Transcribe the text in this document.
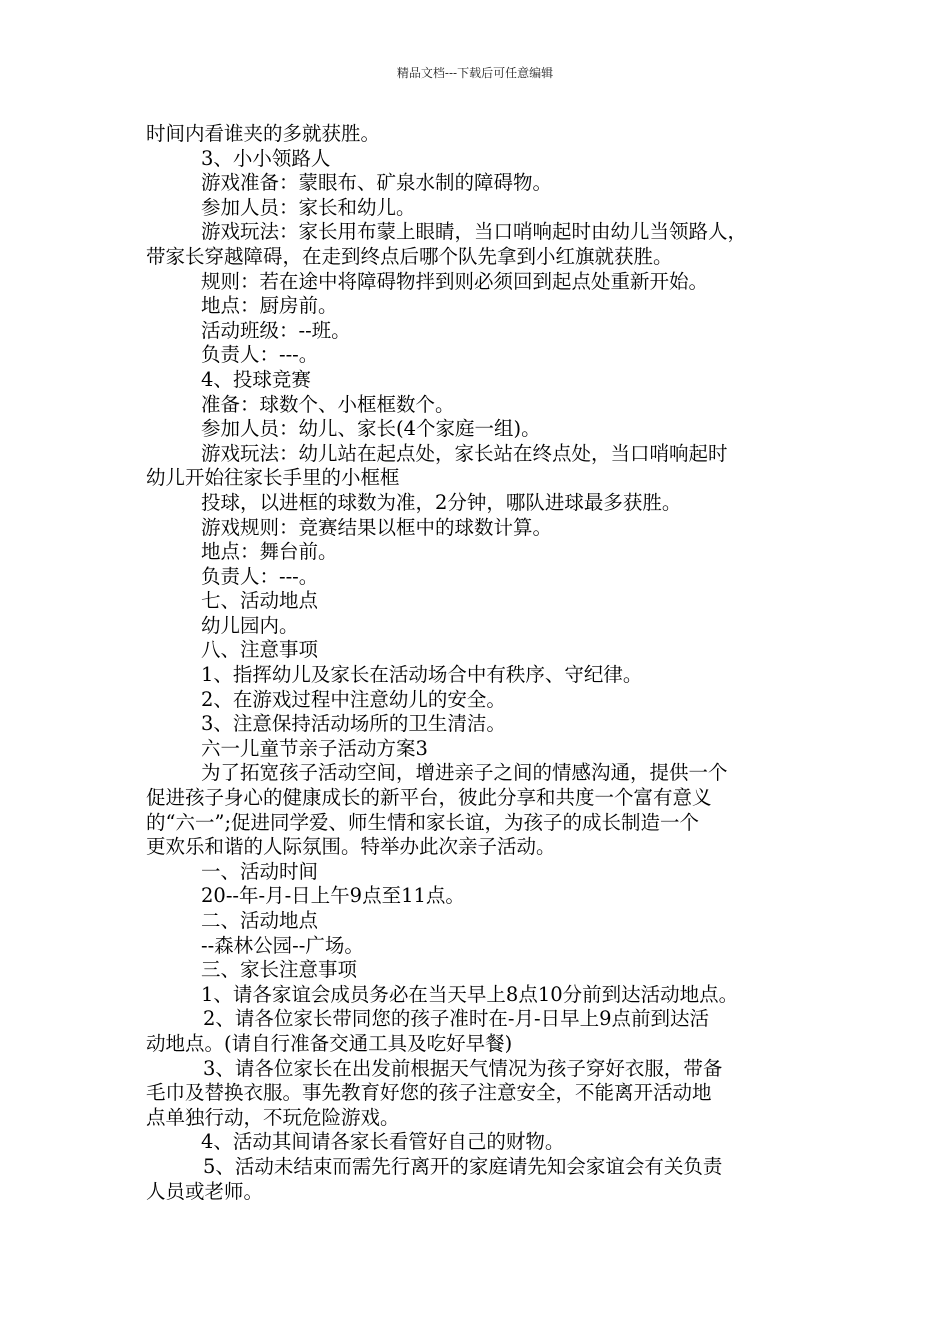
精品文档---下载后可任意编辑
时间内看谁夹的多就获胜。
3、小小领路人
游戏准备：蒙眼布、矿泉水制的障碍物。
参加人员：家长和幼儿。
游戏玩法：家长用布蒙上眼睛，当口哨响起时由幼儿当领路人，
带家长穿越障碍，在走到终点后哪个队先拿到小红旗就获胜。
规则：若在途中将障碍物拌到则必须回到起点处重新开始。
地点：厨房前。
活动班级：--班。
负责人：---。
4、投球竞赛
准备：球数个、小框框数个。
参加人员：幼儿、家长(4个家庭一组)。
游戏玩法：幼儿站在起点处，家长站在终点处，当口哨响起时
幼儿开始往家长手里的小框框
投球，以进框的球数为准，2分钟，哪队进球最多获胜。
游戏规则：竞赛结果以框中的球数计算。
地点：舞台前。
负责人：---。
七、活动地点
幼儿园内。
八、注意事项
1、指挥幼儿及家长在活动场合中有秩序、守纪律。
2、在游戏过程中注意幼儿的安全。
3、注意保持活动场所的卫生清洁。
六一儿童节亲子活动方案3
为了拓宽孩子活动空间，增进亲子之间的情感沟通，提供一个
促进孩子身心的健康成长的新平台，彼此分享和共度一个富有意义
的“六一”;促进同学爱、师生情和家长谊，为孩子的成长制造一个
更欢乐和谐的人际氛围。特举办此次亲子活动。
一、活动时间
20--年-月-日上午9点至11点。
二、活动地点
--森林公园--广场。
三、家长注意事项
1、请各家谊会成员务必在当天早上8点10分前到达活动地点。
2、请各位家长带同您的孩子准时在-月-日早上9点前到达活
动地点。(请自行准备交通工具及吃好早餐)
3、请各位家长在出发前根据天气情况为孩子穿好衣服，带备
毛巾及替换衣服。事先教育好您的孩子注意安全，不能离开活动地
点单独行动，不玩危险游戏。
4、活动其间请各家长看管好自己的财物。
5、活动未结束而需先行离开的家庭请先知会家谊会有关负责
人员或老师。
